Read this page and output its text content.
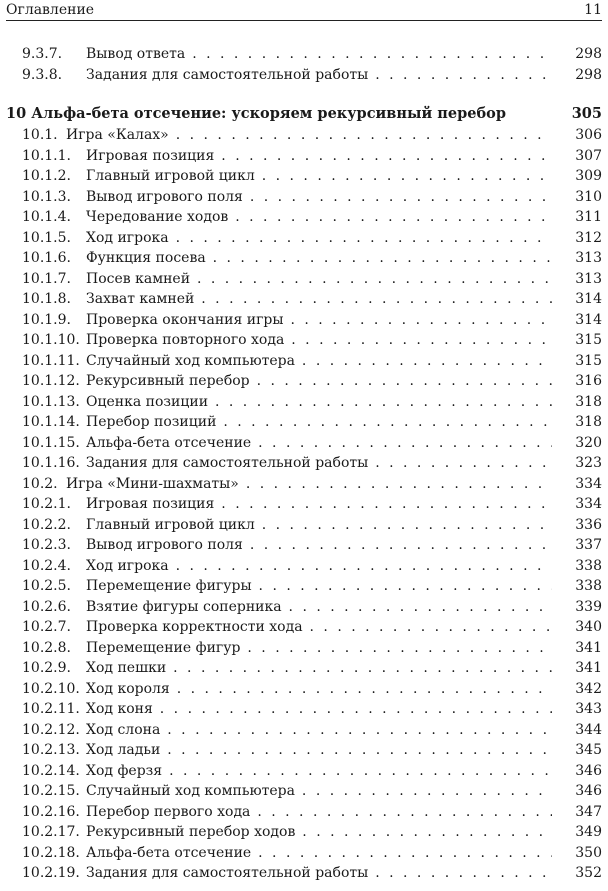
Оглавление	11
9.3.7. Вывод ответа . . .	298
9.3.8. Задания для самостоятельной работы . . .	298
10 Альфа-бета отсечение: ускоряем рекурсивный перебор	305
10.1. Игра «Калах» . . .	306
10.1.1. Игровая позиция . . .	307
10.1.2. Главный игровой цикл . . .	309
10.1.3. Вывод игрового поля . . .	310
10.1.4. Чередование ходов . . .	311
10.1.5. Ход игрока . . .	312
10.1.6. Функция посева . . .	313
10.1.7. Посев камней . . .	313
10.1.8. Захват камней . . .	314
10.1.9. Проверка окончания игры . . .	314
10.1.10. Проверка повторного хода . . .	315
10.1.11. Случайный ход компьютера . . .	315
10.1.12. Рекурсивный перебор . . .	316
10.1.13. Оценка позиции . . .	318
10.1.14. Перебор позиций . . .	318
10.1.15. Альфа-бета отсечение . . .	320
10.1.16. Задания для самостоятельной работы . . .	323
10.2. Игра «Мини-шахматы» . . .	334
10.2.1. Игровая позиция . . .	334
10.2.2. Главный игровой цикл . . .	336
10.2.3. Вывод игрового поля . . .	337
10.2.4. Ход игрока . . .	338
10.2.5. Перемещение фигуры . . .	338
10.2.6. Взятие фигуры соперника . . .	339
10.2.7. Проверка корректности хода . . .	340
10.2.8. Перемещение фигур . . .	341
10.2.9. Ход пешки . . .	341
10.2.10. Ход короля . . .	342
10.2.11. Ход коня . . .	343
10.2.12. Ход слона . . .	344
10.2.13. Ход ладьи . . .	345
10.2.14. Ход ферзя . . .	346
10.2.15. Случайный ход компьютера . . .	346
10.2.16. Перебор первого хода . . .	347
10.2.17. Рекурсивный перебор ходов . . .	349
10.2.18. Альфа-бета отсечение . . .	350
10.2.19. Задания для самостоятельной работы . . .	352
